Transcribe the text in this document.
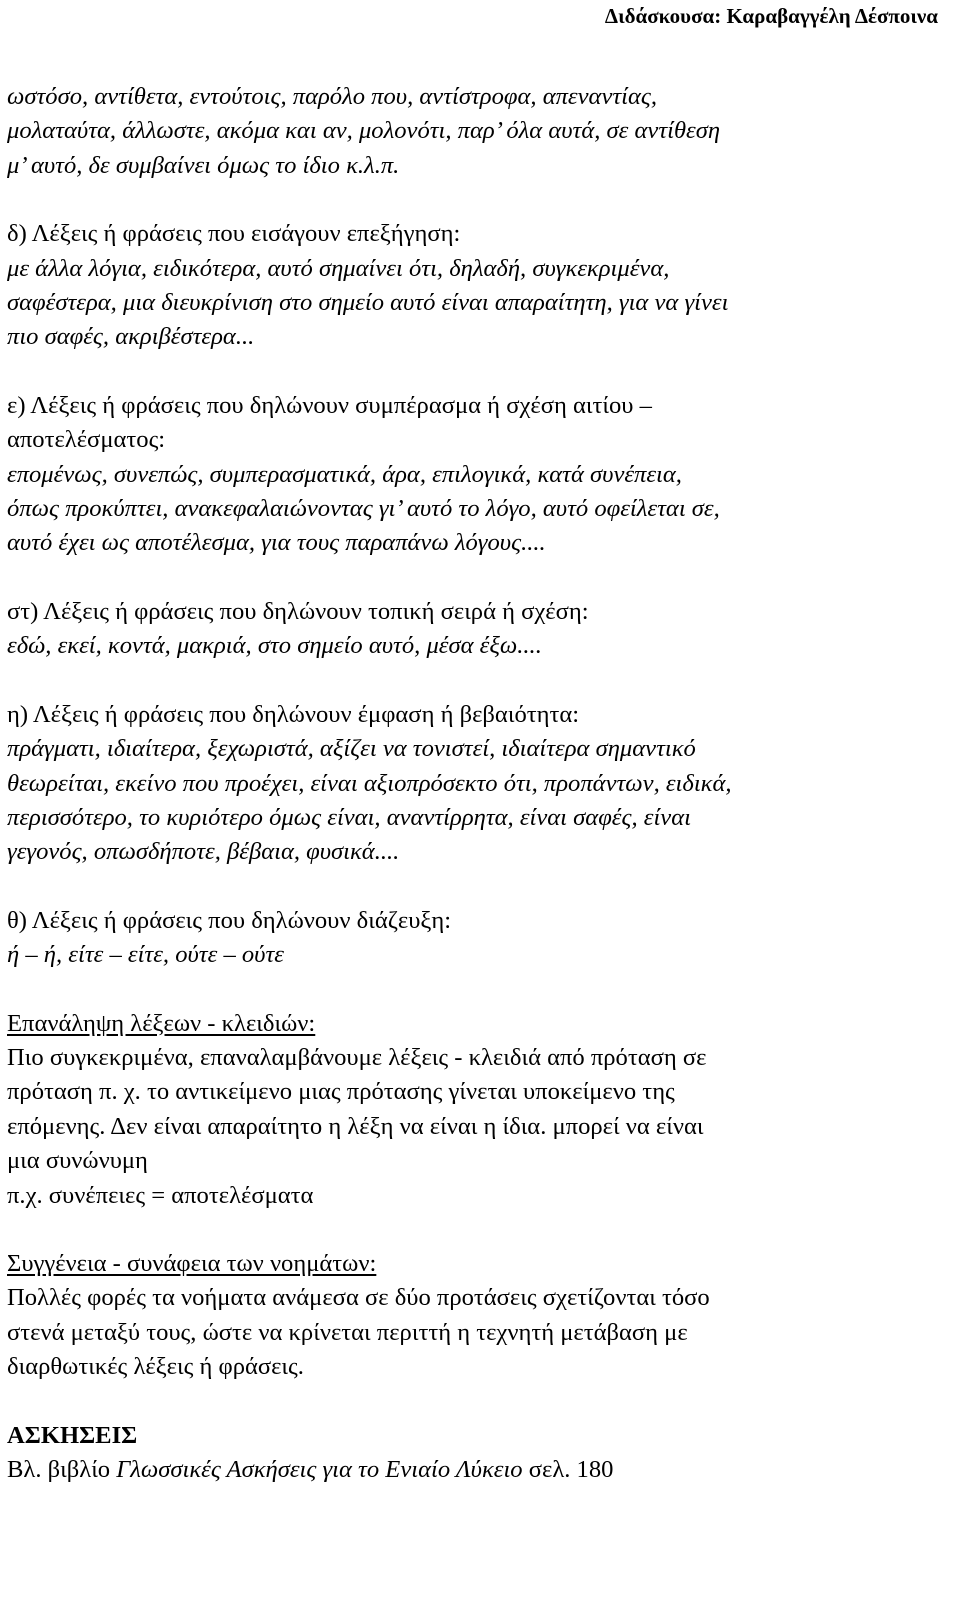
Διδάσκουσα: Καραβαγγέλη Δέσποινα
ωστόσο, αντίθετα, εντούτοις, παρόλο που, αντίστροφα, απεναντίας,
μολαταύτα, άλλωστε, ακόμα και αν, μολονότι, παρ’ όλα αυτά, σε αντίθεση
μ’ αυτό, δε συμβαίνει όμως το ίδιο κ.λ.π.
δ) Λέξεις ή φράσεις που εισάγουν επεξήγηση:
με άλλα λόγια, ειδικότερα, αυτό σημαίνει ότι, δηλαδή, συγκεκριμένα,
σαφέστερα, μια διευκρίνιση στο σημείο αυτό είναι απαραίτητη, για να γίνει
πιο σαφές, ακριβέστερα...
ε) Λέξεις ή φράσεις που δηλώνουν συμπέρασμα ή σχέση αιτίου –
αποτελέσματος:
επομένως, συνεπώς, συμπερασματικά, άρα, επιλογικά, κατά συνέπεια,
όπως προκύπτει, ανακεφαλαιώνοντας γι’ αυτό το λόγο, αυτό οφείλεται σε,
αυτό έχει ως αποτέλεσμα, για τους παραπάνω λόγους....
στ) Λέξεις ή φράσεις που δηλώνουν τοπική σειρά ή σχέση:
εδώ, εκεί, κοντά, μακριά, στο σημείο αυτό, μέσα έξω....
η) Λέξεις ή φράσεις που δηλώνουν έμφαση ή βεβαιότητα:
πράγματι, ιδιαίτερα, ξεχωριστά, αξίζει να τονιστεί, ιδιαίτερα σημαντικό
θεωρείται, εκείνο που προέχει, είναι αξιοπρόσεκτο ότι, προπάντων, ειδικά,
περισσότερο, το κυριότερο όμως είναι, αναντίρρητα, είναι σαφές, είναι
γεγονός, οπωσδήποτε, βέβαια, φυσικά....
θ) Λέξεις ή φράσεις που δηλώνουν διάζευξη:
ή – ή, είτε – είτε, ούτε – ούτε
Επανάληψη λέξεων - κλειδιών:
Πιο συγκεκριμένα, επαναλαμβάνουμε λέξεις - κλειδιά από πρόταση σε
πρόταση π. χ. το αντικείμενο μιας πρότασης γίνεται υποκείμενο της
επόμενης. Δεν είναι απαραίτητο η λέξη να είναι η ίδια. μπορεί να είναι
μια συνώνυμη
π.χ. συνέπειες = αποτελέσματα
Συγγένεια - συνάφεια των νοημάτων:
Πολλές φορές τα νοήματα ανάμεσα σε δύο προτάσεις σχετίζονται τόσο
στενά μεταξύ τους, ώστε να κρίνεται περιττή η τεχνητή μετάβαση με
διαρθωτικές λέξεις ή φράσεις.
ΑΣΚΗΣΕΙΣ
Βλ. βιβλίο Γλωσσικές Ασκήσεις για το Ενιαίο Λύκειο σελ. 180
